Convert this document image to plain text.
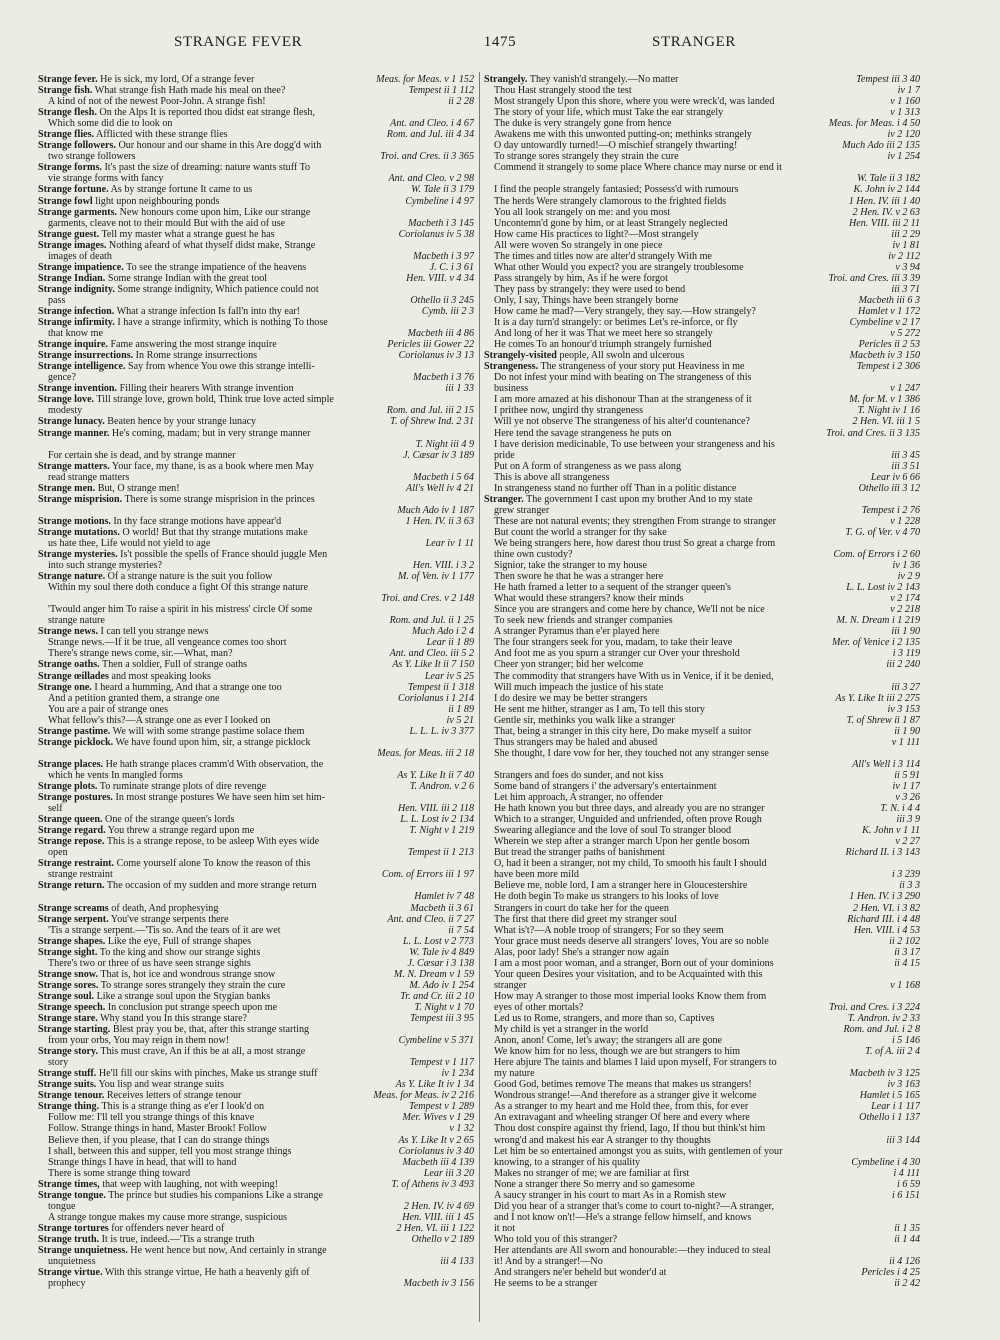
STRANGE FEVER	1475	STRANGER
Strange fever. He is sick, my lord, Of a strange fever	Meas. for Meas. v 1 152
Strange fish. What strange fish Hath made his meal on thee?	Tempest ii 1 112
A kind of not of the newest Poor-John. A strange fish!	ii 2 28
Strange flesh. On the Alps It is reported thou didst eat strange flesh,
Which some did die to look on	Ant. and Cleo. i 4 67
Strange flies. Afflicted with these strange flies	Rom. and Jul. iii 4 34
Strange followers. Our honour and our shame in this Are dogg'd with
two strange followers	Troi. and Cres. ii 3 365
Strange forms. It's past the size of dreaming: nature wants stuff To
vie strange forms with fancy	Ant. and Cleo. v 2 98
Strange fortune. As by strange fortune It came to us	W. Tale ii 3 179
Strange fowl light upon neighbouring ponds	Cymbeline i 4 97
Strange garments. New honours come upon him, Like our strange
garments, cleave not to their mould But with the aid of use	Macbeth i 3 145
Strange guest. Tell my master what a strange guest he has	Coriolanus iv 5 38
Strange images. Nothing afeard of what thyself didst make, Strange
images of death	Macbeth i 3 97
Strange impatience. To see the strange impatience of the heavens	J. C. i 3 61
Strange Indian. Some strange Indian with the great tool	Hen. VIII. v 4 34
Strange indignity. Some strange indignity, Which patience could not
pass	Othello ii 3 245
Strange infection. What a strange infection Is fall'n into thy ear!	Cymb. iii 2 3
Strange infirmity. I have a strange infirmity, which is nothing To those
that know me	Macbeth iii 4 86
Strange inquire. Fame answering the most strange inquire	Pericles iii Gower 22
Strange insurrections. In Rome strange insurrections	Coriolanus iv 3 13
Strange intelligence. Say from whence You owe this strange intelli-
gence?	Macbeth i 3 76
Strange invention. Filling their hearers With strange invention	iii 1 33
Strange love. Till strange love, grown bold, Think true love acted simple
modesty	Rom. and Jul. iii 2 15
Strange lunacy. Beaten hence by your strange lunacy	T. of Shrew Ind. 2 31
Strange manner. He's coming, madam; but in very strange manner
T. Night iii 4 9
For certain she is dead, and by strange manner	J. Cæsar iv 3 189
Strange matters. Your face, my thane, is as a book where men May
read strange matters	Macbeth i 5 64
Strange men. But, O strange men!	All's Well iv 4 21
Strange misprision. There is some strange misprision in the princes
Much Ado iv 1 187
Strange motions. In thy face strange motions have appear'd	1 Hen. IV. ii 3 63
Strange mutations. O world! But that thy strange mutations make
us hate thee, Life would not yield to age	Lear iv 1 11
Strange mysteries. Is't possible the spells of France should juggle Men
into such strange mysteries?	Hen. VIII. i 3 2
Strange nature. Of a strange nature is the suit you follow	M. of Ven. iv 1 177
Within my soul there doth conduce a fight Of this strange nature
Troi. and Cres. v 2 148
'Twould anger him To raise a spirit in his mistress' circle Of some
strange nature	Rom. and Jul. ii 1 25
Strange news. I can tell you strange news	Much Ado i 2 4
Strange news.—If it be true, all vengeance comes too short	Lear ii 1 89
There's strange news come, sir.—What, man?	Ant. and Cleo. iii 5 2
Strange oaths. Then a soldier, Full of strange oaths	As Y. Like It ii 7 150
Strange œillades and most speaking looks	Lear iv 5 25
Strange one. I heard a humming, And that a strange one too	Tempest ii 1 318
And a petition granted them, a strange one	Coriolanus i 1 214
You are a pair of strange ones	ii 1 89
What fellow's this?—A strange one as ever I looked on	iv 5 21
Strange pastime. We will with some strange pastime solace them	L. L. L. iv 3 377
Strange picklock. We have found upon him, sir, a strange picklock
Meas. for Meas. iii 2 18
Strange places. He hath strange places cramm'd With observation, the
which he vents In mangled forms	As Y. Like It ii 7 40
Strange plots. To ruminate strange plots of dire revenge	T. Andron. v 2 6
Strange postures. In most strange postures We have seen him set him-
self	Hen. VIII. iii 2 118
Strange queen. One of the strange queen's lords	L. L. Lost iv 2 134
Strange regard. You threw a strange regard upon me	T. Night v 1 219
Strange repose. This is a strange repose, to be asleep With eyes wide
open	Tempest ii 1 213
Strange restraint. Come yourself alone To know the reason of this
strange restraint	Com. of Errors iii 1 97
Strange return. The occasion of my sudden and more strange return
Hamlet iv 7 48
Strange screams of death, And prophesying	Macbeth ii 3 61
Strange serpent. You've strange serpents there	Ant. and Cleo. ii 7 27
'Tis a strange serpent.—'Tis so. And the tears of it are wet	ii 7 54
Strange shapes. Like the eye, Full of strange shapes	L. L. Lost v 2 773
Strange sight. To the king and show our strange sights	W. Tale iv 4 849
There's two or three of us have seen strange sights	J. Cæsar i 3 138
Strange snow. That is, hot ice and wondrous strange snow	M. N. Dream v 1 59
Strange sores. To strange sores strangely they strain the cure	M. Ado iv 1 254
Strange soul. Like a strange soul upon the Stygian banks	Tr. and Cr. iii 2 10
Strange speech. In conclusion put strange speech upon me	T. Night v 1 70
Strange stare. Why stand you In this strange stare?	Tempest iii 3 95
Strange starting. Blest pray you be, that, after this strange starting
from your orbs, You may reign in them now!	Cymbeline v 5 371
Strange story. This must crave, An if this be at all, a most strange
story	Tempest v 1 117
Strange stuff. He'll fill our skins with pinches, Make us strange stuff	iv 1 234
Strange suits. You lisp and wear strange suits	As Y. Like It iv 1 34
Strange tenour. Receives letters of strange tenour	Meas. for Meas. iv 2 216
Strange thing. This is a strange thing as e'er I look'd on	Tempest v 1 289
Follow me: I'll tell you strange things of this knave	Mer. Wives v 1 29
Follow. Strange things in hand, Master Brook! Follow	v 1 32
Believe then, if you please, that I can do strange things	As Y. Like It v 2 65
I shall, between this and supper, tell you most strange things	Coriolanus iv 3 40
Strange things I have in head, that will to hand	Macbeth iii 4 139
There is some strange thing toward	Lear iii 3 20
Strange times, that weep with laughing, not with weeping!	T. of Athens iv 3 493
Strange tongue. The prince but studies his companions Like a strange
tongue	2 Hen. IV. iv 4 69
A strange tongue makes my cause more strange, suspicious	Hen. VIII. iii 1 45
Strange tortures for offenders never heard of	2 Hen. VI. iii 1 122
Strange truth. It is true, indeed.—'Tis a strange truth	Othello v 2 189
Strange unquietness. He went hence but now, And certainly in strange
unquietness	iii 4 133
Strange virtue. With this strange virtue, He hath a heavenly gift of
prophecy	Macbeth iv 3 156
Strangely. They vanish'd strangely.—No matter	Tempest iii 3 40
Thou Hast strangely stood the test	iv 1 7
Most strangely Upon this shore, where you were wreck'd, was landed	v 1 160
The story of your life, which must Take the ear strangely	v 1 313
The duke is very strangely gone from hence	Meas. for Meas. i 4 50
Awakens me with this unwonted putting-on; methinks strangely	iv 2 120
O day untowardly turned!—O mischief strangely thwarting!	Much Ado iii 2 135
To strange sores strangely they strain the cure	iv 1 254
Commend it strangely to some place Where chance may nurse or end it
W. Tale ii 3 182
I find the people strangely fantasied; Possess'd with rumours	K. John iv 2 144
The herds Were strangely clamorous to the frighted fields	1 Hen. IV. iii 1 40
You all look strangely on me: and you most	2 Hen. IV. v 2 63
Uncontemn'd gone by him, or at least Strangely neglected	Hen. VIII. iii 2 11
How came His practices to light?—Most strangely	iii 2 29
All were woven So strangely in one piece	iv 1 81
The times and titles now are alter'd strangely With me	iv 2 112
What other Would you expect? you are strangely troublesome	v 3 94
Pass strangely by him, As if he were forgot	Troi. and Cres. iii 3 39
They pass by strangely: they were used to bend	iii 3 71
Only, I say, Things have been strangely borne	Macbeth iii 6 3
How came he mad?—Very strangely, they say.—How strangely?	Hamlet v 1 172
It is a day turn'd strangely: or betimes Let's re-inforce, or fly	Cymbeline v 2 17
And long of her it was That we meet here so strangely	v 5 272
He comes To an honour'd triumph strangely furnished	Pericles ii 2 53
Strangely-visited people, All swoln and ulcerous	Macbeth iv 3 150
Strangeness. The strangeness of your story put Heaviness in me	Tempest i 2 306
Do not infest your mind with beating on The strangeness of this
business	v 1 247
I am more amazed at his dishonour Than at the strangeness of it	M. for M. v 1 386
I prithee now, ungird thy strangeness	T. Night iv 1 16
Will ye not observe The strangeness of his alter'd countenance?	2 Hen. VI. iii 1 5
Here tend the savage strangeness he puts on	Troi. and Cres. ii 3 135
I have derision medicinable, To use between your strangeness and his
pride	iii 3 45
Put on A form of strangeness as we pass along	iii 3 51
This is above all strangeness	Lear iv 6 66
In strangeness stand no further off Than in a politic distance	Othello iii 3 12
Stranger. The government I cast upon my brother And to my state
grew stranger	Tempest i 2 76
These are not natural events; they strengthen From strange to stranger	v 1 228
But count the world a stranger for thy sake	T. G. of Ver. v 4 70
We being strangers here, how darest thou trust So great a charge from
thine own custody?	Com. of Errors i 2 60
Signior, take the stranger to my house	iv 1 36
Then swore he that he was a stranger here	iv 2 9
He hath framed a letter to a sequent of the stranger queen's	L. L. Lost iv 2 143
What would these strangers? know their minds	v 2 174
Since you are strangers and come here by chance, We'll not be nice	v 2 218
To seek new friends and stranger companies	M. N. Dream i 1 219
A stranger Pyramus than e'er played here	iii 1 90
The four strangers seek for you, madam, to take their leave	Mer. of Venice i 2 135
And foot me as you spurn a stranger cur Over your threshold	i 3 119
Cheer yon stranger; bid her welcome	iii 2 240
The commodity that strangers have With us in Venice, if it be denied,
Will much impeach the justice of his state	iii 3 27
I do desire we may be better strangers	As Y. Like It iii 2 275
He sent me hither, stranger as I am, To tell this story	iv 3 153
Gentle sir, methinks you walk like a stranger	T. of Shrew ii 1 87
That, being a stranger in this city here, Do make myself a suitor	ii 1 90
Thus strangers may be haled and abused	v 1 111
She thought, I dare vow for her, they touched not any stranger sense
All's Well i 3 114
Strangers and foes do sunder, and not kiss	ii 5 91
Some band of strangers i' the adversary's entertainment	iv 1 17
Let him approach, A stranger, no offender	v 3 26
He hath known you but three days, and already you are no stranger	T. N. i 4 4
Which to a stranger, Unguided and unfriended, often prove Rough	iii 3 9
Swearing allegiance and the love of soul To stranger blood	K. John v 1 11
Wherein we step after a stranger march Upon her gentle bosom	v 2 27
But tread the stranger paths of banishment	Richard II. i 3 143
O, had it been a stranger, not my child, To smooth his fault I should
have been more mild	i 3 239
Believe me, noble lord, I am a stranger here in Gloucestershire	ii 3 3
He doth begin To make us strangers to his looks of love	1 Hen. IV. i 3 290
Strangers in court do take her for the queen	2 Hen. VI. i 3 82
The first that there did greet my stranger soul	Richard III. i 4 48
What is't?—A noble troop of strangers; For so they seem	Hen. VIII. i 4 53
Your grace must needs deserve all strangers' loves, You are so noble	ii 2 102
Alas, poor lady! She's a stranger now again	ii 3 17
I am a most poor woman, and a stranger, Born out of your dominions	ii 4 15
Your queen Desires your visitation, and to be Acquainted with this
stranger	v 1 168
How may A stranger to those most imperial looks Know them from
eyes of other mortals?	Troi. and Cres. i 3 224
Led us to Rome, strangers, and more than so, Captives	T. Andron. iv 2 33
My child is yet a stranger in the world	Rom. and Jul. i 2 8
Anon, anon! Come, let's away; the strangers all are gone	i 5 146
We know him for no less, though we are but strangers to him	T. of A. iii 2 4
Here abjure The taints and blames I laid upon myself, For strangers to
my nature	Macbeth iv 3 125
Good God, betimes remove The means that makes us strangers!	iv 3 163
Wondrous strange!—And therefore as a stranger give it welcome	Hamlet i 5 165
As a stranger to my heart and me Hold thee, from this, for ever	Lear i 1 117
An extravagant and wheeling stranger Of here and every where	Othello i 1 137
Thou dost conspire against thy friend, Iago, If thou but think'st him
wrong'd and makest his ear A stranger to thy thoughts	iii 3 144
Let him be so entertained amongst you as suits, with gentlemen of your
knowing, to a stranger of his quality	Cymbeline i 4 30
Makes no stranger of me; we are familiar at first	i 4 111
None a stranger there So merry and so gamesome	i 6 59
A saucy stranger in his court to mart As in a Romish stew	i 6 151
Did you hear of a stranger that's come to court to-night?—A stranger,
and I not know on't!—He's a strange fellow himself, and knows
it not	ii 1 35
Who told you of this stranger?	ii 1 44
Her attendants are All sworn and honourable:—they induced to steal
it! And by a stranger!—No	ii 4 126
And strangers ne'er beheld but wonder'd at	Pericles i 4 25
He seems to be a stranger	ii 2 42
